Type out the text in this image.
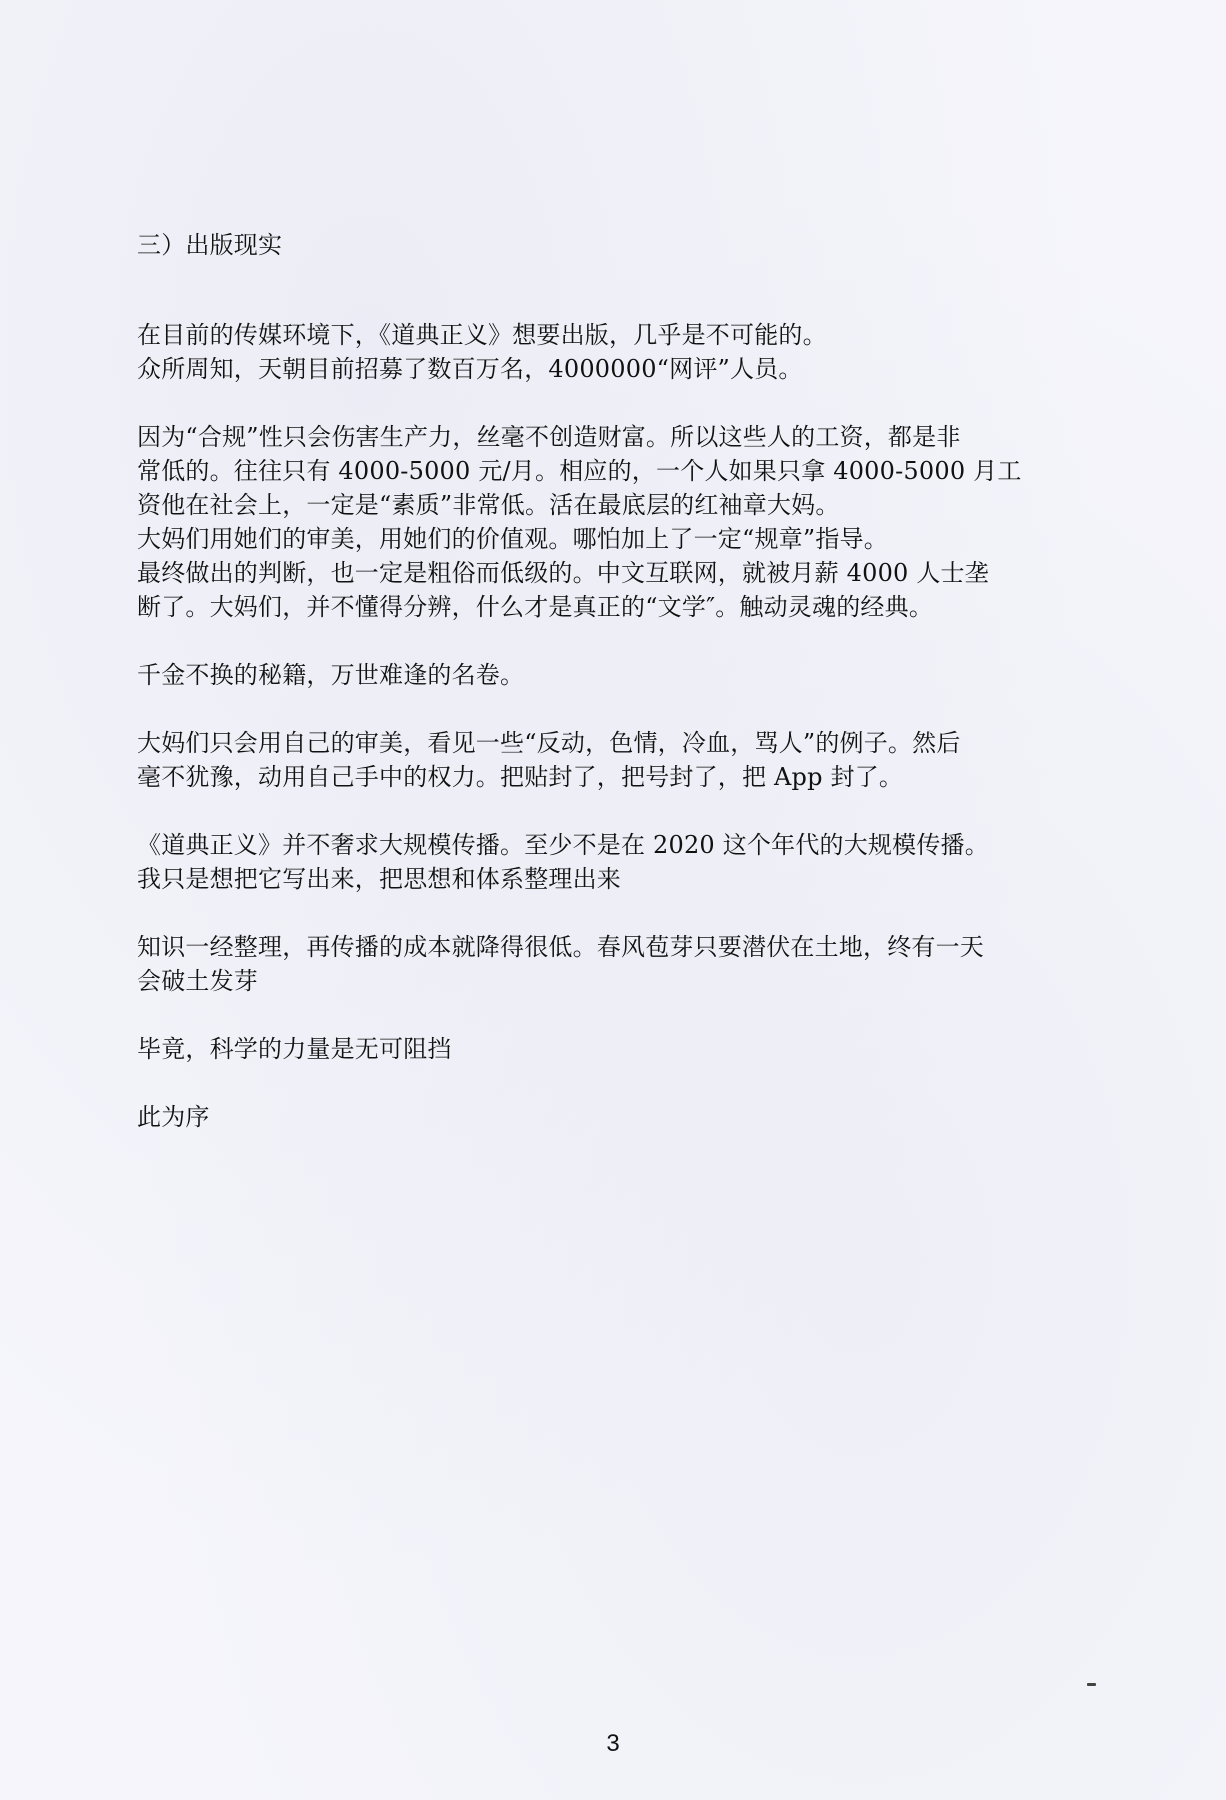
三）出版现实

在目前的传媒环境下，《道典正义》想要出版，几乎是不可能的。
众所周知，天朝目前招募了数百万名，4000000“网评”人员。

因为“合规”性只会伤害生产力，丝毫不创造财富。所以这些人的工资，都是非
常低的。往往只有 4000-5000 元/月。相应的，一个人如果只拿 4000-5000 月工
资他在社会上，一定是“素质”非常低。活在最底层的红袖章大妈。
大妈们用她们的审美，用她们的价值观。哪怕加上了一定“规章”指导。
最终做出的判断，也一定是粗俗而低级的。中文互联网，就被月薪 4000 人士垄
断了。大妈们，并不懂得分辨，什么才是真正的“文学″。触动灵魂的经典。

千金不换的秘籍，万世难逢的名卷。

大妈们只会用自己的审美，看见一些“反动，色情，冷血，骂人”的例子。然后
毫不犹豫，动用自己手中的权力。把贴封了，把号封了，把 App 封了。

《道典正义》并不奢求大规模传播。至少不是在 2020 这个年代的大规模传播。
我只是想把它写出来，把思想和体系整理出来

知识一经整理，再传播的成本就降得很低。春风苞芽只要潜伏在土地，终有一天
会破土发芽

毕竟，科学的力量是无可阻挡

此为序

3
